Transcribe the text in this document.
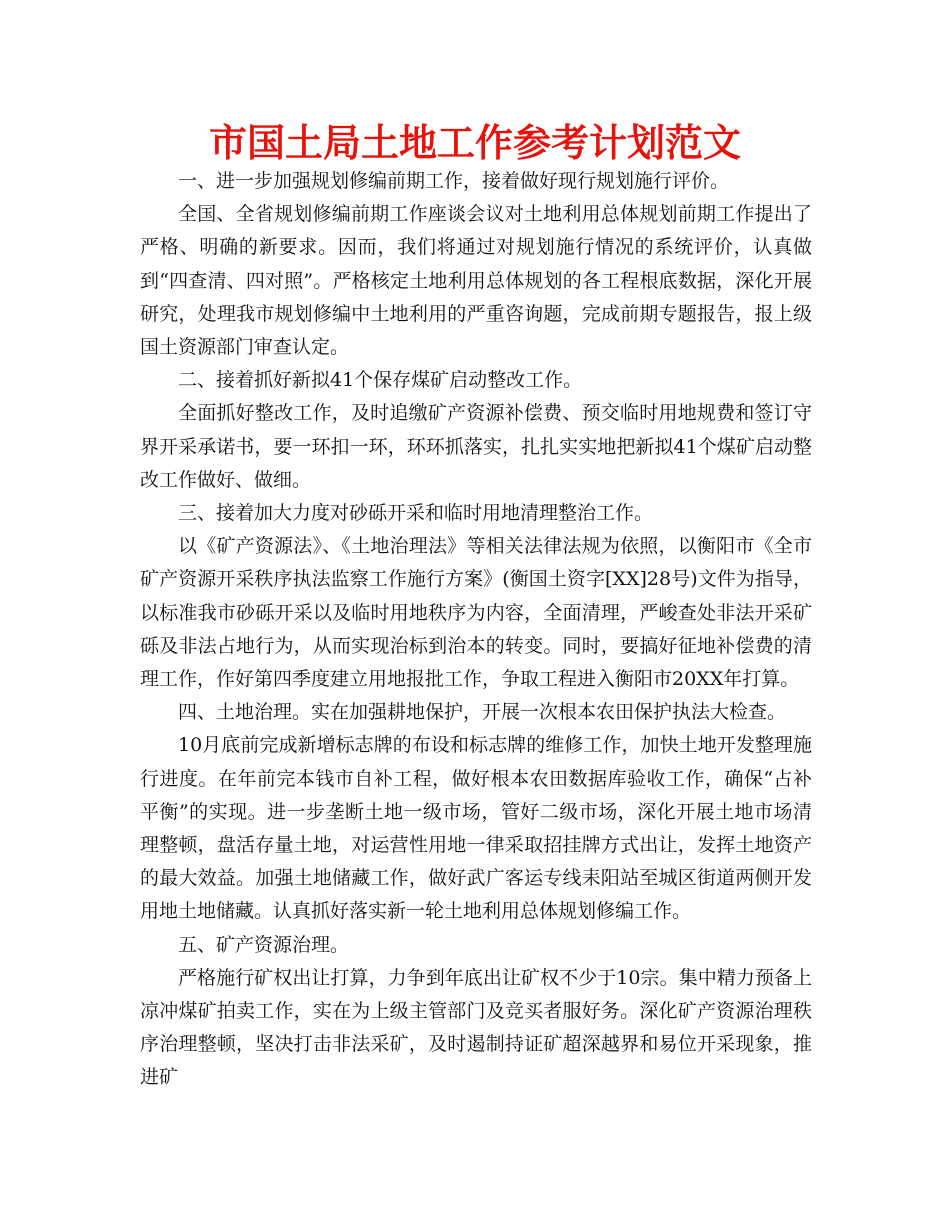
市国土局土地工作参考计划范文

一、进一步加强规划修编前期工作，接着做好现行规划施行评价。

全国、全省规划修编前期工作座谈会议对土地利用总体规划前期工作提出了严格、明确的新要求。因而，我们将通过对规划施行情况的系统评价，认真做到“四查清、四对照”。严格核定土地利用总体规划的各工程根底数据，深化开展研究，处理我市规划修编中土地利用的严重咨询题，完成前期专题报告，报上级国土资源部门审查认定。

二、接着抓好新拟41个保存煤矿启动整改工作。

全面抓好整改工作，及时追缴矿产资源补偿费、预交临时用地规费和签订守界开采承诺书，要一环扣一环，环环抓落实，扎扎实实地把新拟41个煤矿启动整改工作做好、做细。

三、接着加大力度对砂砾开采和临时用地清理整治工作。

以《矿产资源法》、《土地治理法》等相关法律法规为依照，以衡阳市《全市矿产资源开采秩序执法监察工作施行方案》(衡国土资字[XX]28号)文件为指导，以标准我市砂砾开采以及临时用地秩序为内容，全面清理，严峻查处非法开采矿砾及非法占地行为，从而实现治标到治本的转变。同时，要搞好征地补偿费的清理工作，作好第四季度建立用地报批工作，争取工程进入衡阳市20XX年打算。

四、土地治理。实在加强耕地保护，开展一次根本农田保护执法大检查。

10月底前完成新增标志牌的布设和标志牌的维修工作，加快土地开发整理施行进度。在年前完本钱市自补工程，做好根本农田数据库验收工作，确保“占补平衡”的实现。进一步垄断土地一级市场，管好二级市场，深化开展土地市场清理整顿，盘活存量土地，对运营性用地一律采取招挂牌方式出让，发挥土地资产的最大效益。加强土地储藏工作，做好武广客运专线耒阳站至城区街道两侧开发用地土地储藏。认真抓好落实新一轮土地利用总体规划修编工作。

五、矿产资源治理。

严格施行矿权出让打算，力争到年底出让矿权不少于10宗。集中精力预备上凉冲煤矿拍卖工作，实在为上级主管部门及竞买者服好务。深化矿产资源治理秩序治理整顿，坚决打击非法采矿，及时遏制持证矿超深越界和易位开采现象，推进矿
